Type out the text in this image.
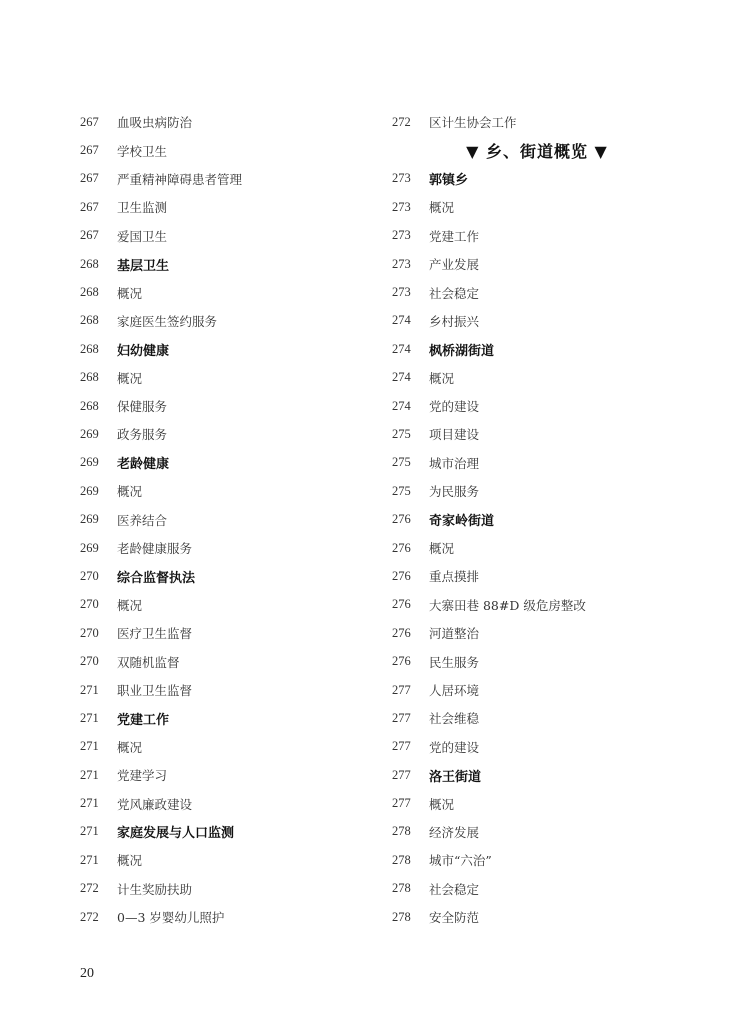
267	血吸虫病防治
267	学校卫生
267	严重精神障碍患者管理
267	卫生监测
267	爱国卫生
268	基层卫生
268	概况
268	家庭医生签约服务
268	妇幼健康
268	概况
268	保健服务
269	政务服务
269	老龄健康
269	概况
269	医养结合
269	老龄健康服务
270	综合监督执法
270	概况
270	医疗卫生监督
270	双随机监督
271	职业卫生监督
271	党建工作
271	概况
271	党建学习
271	党风廉政建设
271	家庭发展与人口监测
271	概况
272	计生奖励扶助
272	0—3 岁婴幼儿照护
272	区计生协会工作
▼ 乡、街道概览 ▼
273	郭镇乡
273	概况
273	党建工作
273	产业发展
273	社会稳定
274	乡村振兴
274	枫桥湖街道
274	概况
274	党的建设
275	项目建设
275	城市治理
275	为民服务
276	奇家岭街道
276	概况
276	重点摸排
276	大寨田巷 88#D 级危房整改
276	河道整治
276	民生服务
277	人居环境
277	社会维稳
277	党的建设
277	洛王街道
277	概况
278	经济发展
278	城市“六治”
278	社会稳定
278	安全防范
20
